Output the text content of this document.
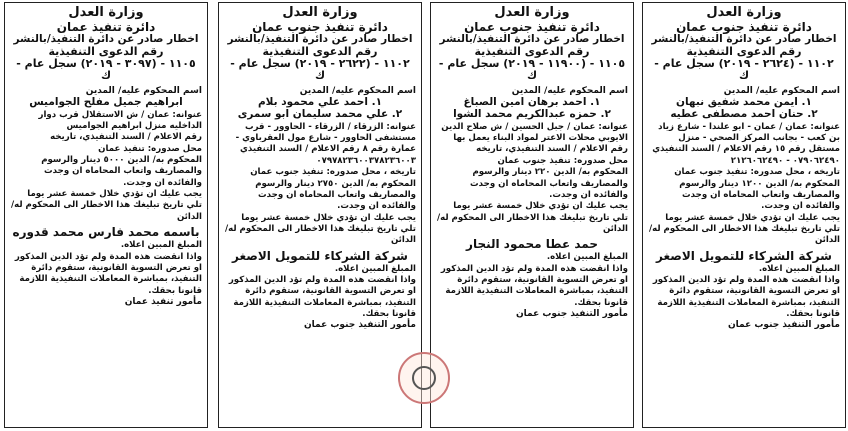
وزارة العدل
دائرة تنفيذ جنوب عمان
اخطار صادر عن دائرة التنفيذ/بالنشر
رقم الدعوى التنفيذية
١١٠٢ - (٢٦٢٤ - ٢٠١٩) سجل عام - ك
اسم المحكوم عليه/ المدين
١. ايمن محمد شفيق نبهان
٢. حنان احمد مصطفى عطيه

عنوانه: عمان / عمان - ابو علندا - شارع زياد بن كعب - بجانب المركز الصحي - منزل مستقل رقم ١٥ رقم الاعلام / السند التنفيذي ٠٧٩٠٦٢٤٩٠ - ٢١٢٦٠٦٢٤٩٠

تاريخه ، محل صدوره: تنفيذ جنوب عمان

المحكوم به/ الدين ١٢٠٠ دينار والرسوم والمصاريف واتعاب المحاماه ان وجدت والفائده ان وجدت.

يجب عليك ان تؤدي خلال خمسة عشر يوما تلي تاريخ تبليغك هذا الاخطار الى المحكوم له/ الدائن

شركة الشركاء للتمويل الاصغر

المبلغ المبين اعلاه.

واذا انقضت هذه المدة ولم تؤد الدين المذكور او تعرض التسوية القانونية، ستقوم دائرة التنفيذ، بمباشرة المعاملات التنفيذية اللازمة قانونا بحقك.

مأمور التنفيذ جنوب عمان
وزارة العدل
دائرة تنفيذ جنوب عمان
اخطار صادر عن دائرة التنفيذ/بالنشر
رقم الدعوى التنفيذية
١١٠٥ - (١١٩٠٠ - ٢٠١٩) سجل عام - ك
اسم المحكوم عليه/ المدين
١. احمد برهان امين الصباغ
٢. حمزه عبدالكريم محمد الشوا

عنوانه: عمان / جبل الحسين / ش صلاح الدين الايوبي محلات الاعتر لمواد البناء يعمل بها رقم الاعلام / السند التنفيذي، تاريخه

محل صدوره: تنفيذ جنوب عمان

المحكوم به/ الدين ٢٢٠ دينار والرسوم والمصاريف واتعاب المحاماه ان وجدت والفائده ان وجدت.

يجب عليك ان تؤدي خلال خمسة عشر يوما تلي تاريخ تبليغك هذا الاخطار الى المحكوم له/ الدائن

حمد عطا محمود النجار

المبلغ المبين اعلاه.

واذا انقضت هذه المدة ولم تؤد الدين المذكور او تعرض التسوية القانونية، ستقوم دائرة التنفيذ، بمباشرة المعاملات التنفيذية اللازمة قانونا بحقك.

مأمور التنفيذ جنوب عمان
وزارة العدل
دائرة تنفيذ جنوب عمان
اخطار صادر عن دائرة التنفيذ/بالنشر
رقم الدعوى التنفيذية
١١٠٢ - (٢٦٢٢ - ٢٠١٩) سجل عام - ك
اسم المحكوم عليه/ المدين
١. احمد علي محمود بلام
٢. علي محمد سليمان ابو سمرى

عنوانه: الزرقاء / الزرقاء - الحاوور - قرب مستشفى الحاوور - شارع مول العقرباوي - عمارة رقم ٨ رقم الاعلام / السند التنفيذي ٠٧٩٧٨٢٣٦٠٠٣٧٨٢٣٦٠٠٣

تاريخه ، محل صدوره: تنفيذ جنوب عمان

المحكوم به/ الدين ٢٧٥٠ دينار والرسوم والمصاريف واتعاب المحاماه ان وجدت والفائده ان وجدت.

يجب عليك ان تؤدي خلال خمسة عشر يوما تلي تاريخ تبليغك هذا الاخطار الى المحكوم له/ الدائن

شركة الشركاء للتمويل الاصغر

المبلغ المبين اعلاه.

واذا انقضت هذه المدة ولم تؤد الدين المذكور او تعرض التسوية القانونية، ستقوم دائرة التنفيذ، بمباشرة المعاملات التنفيذية اللازمة قانونا بحقك.

مأمور التنفيذ جنوب عمان
وزارة العدل
دائرة تنفيذ عمان
اخطار صادر عن دائرة التنفيذ/بالنشر
رقم الدعوى التنفيذية
١١٠٥ - (٣٠٩٧ - ٢٠١٩) سجل عام - ك
اسم المحكوم عليه/ المدين
ابراهيم جميل مفلح الجواميس

عنوانه: عمان / ش الاستقلال قرب دوار الداخليه منزل ابراهيم الجواميس

رقم الاعلام / السند التنفيذي، تاريخه

محل صدوره: تنفيذ عمان

المحكوم به/ الدين ٥٠٠٠ دينار والرسوم والمصاريف واتعاب المحاماه ان وجدت والفائده ان وجدت.

يجب عليك ان تؤدي خلال خمسة عشر يوما تلي تاريخ تبليغك هذا الاخطار الى المحكوم له/ الدائن

باسمه محمد فارس محمد قدوره

المبلغ المبين اعلاه.

واذا انقضت هذه المدة ولم تؤد الدين المذكور او تعرض التسوية القانونية، ستقوم دائرة التنفيذ، بمباشرة المعاملات التنفيذية اللازمة قانونا بحقك.

مأمور تنفيذ عمان
